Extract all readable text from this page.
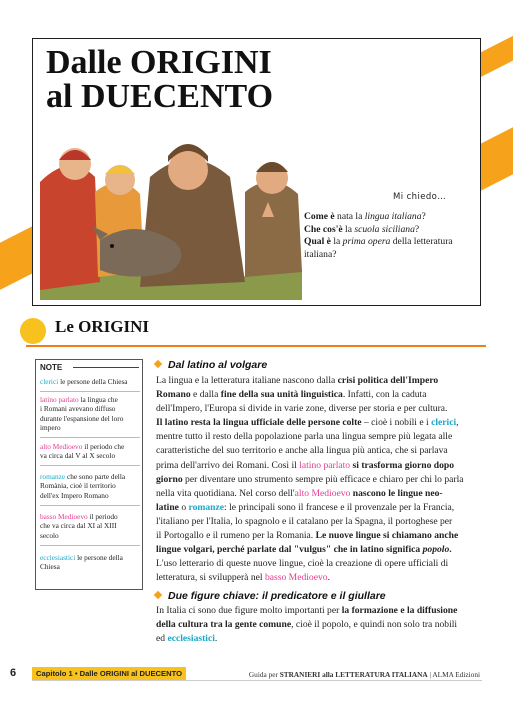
Dalle ORIGINI
al DUECENTO
Mi chiedo…
Come è nata la lingua italiana?
Che cos'è la scuola siciliana?
Qual è la prima opera della letteratura
italiana?
Le ORIGINI
NOTE
clerici le persone della Chiesa
latino parlato la lingua che
i Romani avevano diffuso
durante l'espansione del loro
impero
alto Medioevo il periodo che
va circa dal V al X secolo
romanze che sono parte della
Romània, cioè il territorio
dell'ex Impero Romano
basso Medioevo il periodo
che va circa dal XI al XIII
secolo
ecclesiastici le persone della
Chiesa
Dal latino al volgare
La lingua e la letteratura italiane nascono dalla crisi politica dell'Impero
Romano e dalla fine della sua unità linguistica. Infatti, con la caduta
dell'Impero, l'Europa si divide in varie zone, diverse per storia e per cultura.
Il latino resta la lingua ufficiale delle persone colte – cioè i nobili e i clerici,
mentre tutto il resto della popolazione parla una lingua sempre più legata alle
caratteristiche del suo territorio e anche alla lingua più antica, che si parlava
prima dell'arrivo dei Romani. Così il latino parlato si trasforma giorno dopo
giorno per diventare uno strumento sempre più efficace e chiaro per chi lo parla
nella vita quotidiana. Nel corso dell'alto Medioevo nascono le lingue neo-
latine o romanze: le principali sono il francese e il provenzale per la Francia,
l'italiano per l'Italia, lo spagnolo e il catalano per la Spagna, il portoghese per
il Portogallo e il rumeno per la Romania. Le nuove lingue si chiamano anche
lingue volgari, perché parlate dal "vulgus" che in latino significa popolo.
L'uso letterario di queste nuove lingue, cioè la creazione di opere ufficiali di
letteratura, si svilupperà nel basso Medioevo.
Due figure chiave: il predicatore e il giullare
In Italia ci sono due figure molto importanti per la formazione e la diffusione
della cultura tra la gente comune, cioè il popolo, e quindi non solo tra nobili
ed ecclesiastici.
6	Capitolo 1 • Dalle ORIGINI al DUECENTO	Guida per STRANIERI alla LETTERATURA ITALIANA | ALMA Edizioni
